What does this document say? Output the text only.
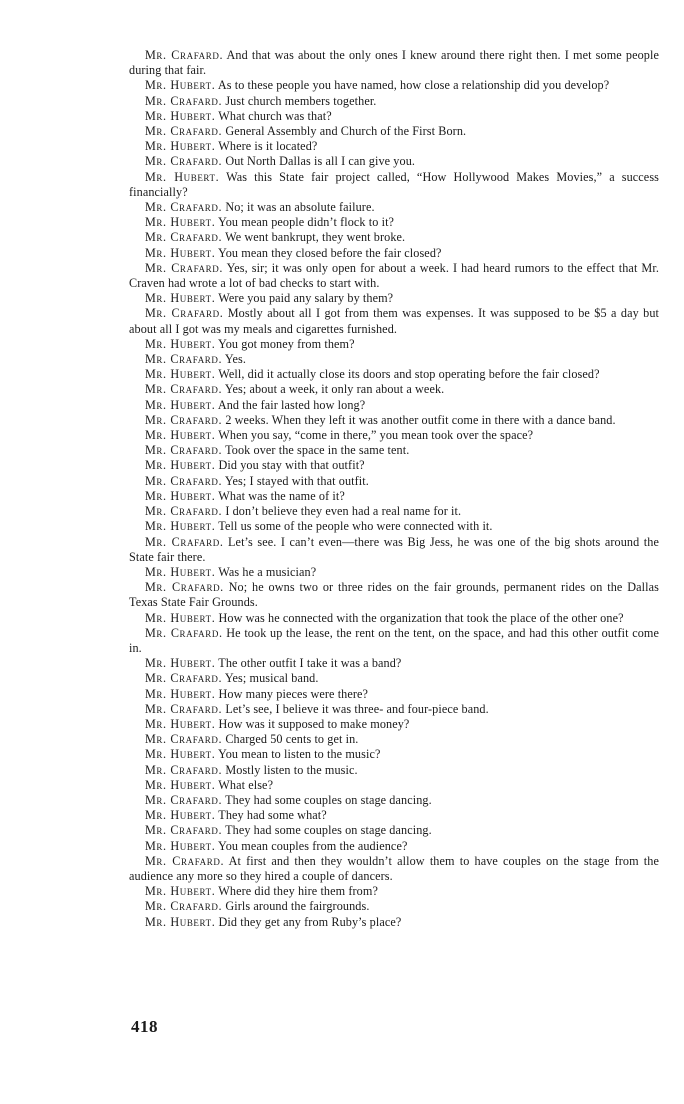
Mr. Crafard. And that was about the only ones I knew around there right then. I met some people during that fair.

Mr. Hubert. As to these people you have named, how close a relationship did you develop?

Mr. Crafard. Just church members together.

Mr. Hubert. What church was that?

Mr. Crafard. General Assembly and Church of the First Born.

Mr. Hubert. Where is it located?

Mr. Crafard. Out North Dallas is all I can give you.

Mr. Hubert. Was this State fair project called, “How Hollywood Makes Movies,” a success financially?

Mr. Crafard. No; it was an absolute failure.

Mr. Hubert. You mean people didn’t flock to it?

Mr. Crafard. We went bankrupt, they went broke.

Mr. Hubert. You mean they closed before the fair closed?

Mr. Crafard. Yes, sir; it was only open for about a week. I had heard rumors to the effect that Mr. Craven had wrote a lot of bad checks to start with.

Mr. Hubert. Were you paid any salary by them?

Mr. Crafard. Mostly about all I got from them was expenses. It was supposed to be $5 a day but about all I got was my meals and cigarettes furnished.

Mr. Hubert. You got money from them?

Mr. Crafard. Yes.

Mr. Hubert. Well, did it actually close its doors and stop operating before the fair closed?

Mr. Crafard. Yes; about a week, it only ran about a week.

Mr. Hubert. And the fair lasted how long?

Mr. Crafard. 2 weeks. When they left it was another outfit come in there with a dance band.

Mr. Hubert. When you say, “come in there,” you mean took over the space?

Mr. Crafard. Took over the space in the same tent.

Mr. Hubert. Did you stay with that outfit?

Mr. Crafard. Yes; I stayed with that outfit.

Mr. Hubert. What was the name of it?

Mr. Crafard. I don’t believe they even had a real name for it.

Mr. Hubert. Tell us some of the people who were connected with it.

Mr. Crafard. Let’s see. I can’t even—there was Big Jess, he was one of the big shots around the State fair there.

Mr. Hubert. Was he a musician?

Mr. Crafard. No; he owns two or three rides on the fair grounds, permanent rides on the Dallas Texas State Fair Grounds.

Mr. Hubert. How was he connected with the organization that took the place of the other one?

Mr. Crafard. He took up the lease, the rent on the tent, on the space, and had this other outfit come in.

Mr. Hubert. The other outfit I take it was a band?

Mr. Crafard. Yes; musical band.

Mr. Hubert. How many pieces were there?

Mr. Crafard. Let’s see, I believe it was three- and four-piece band.

Mr. Hubert. How was it supposed to make money?

Mr. Crafard. Charged 50 cents to get in.

Mr. Hubert. You mean to listen to the music?

Mr. Crafard. Mostly listen to the music.

Mr. Hubert. What else?

Mr. Crafard. They had some couples on stage dancing.

Mr. Hubert. They had some what?

Mr. Crafard. They had some couples on stage dancing.

Mr. Hubert. You mean couples from the audience?

Mr. Crafard. At first and then they wouldn’t allow them to have couples on the stage from the audience any more so they hired a couple of dancers.

Mr. Hubert. Where did they hire them from?

Mr. Crafard. Girls around the fairgrounds.

Mr. Hubert. Did they get any from Ruby’s place?

418
